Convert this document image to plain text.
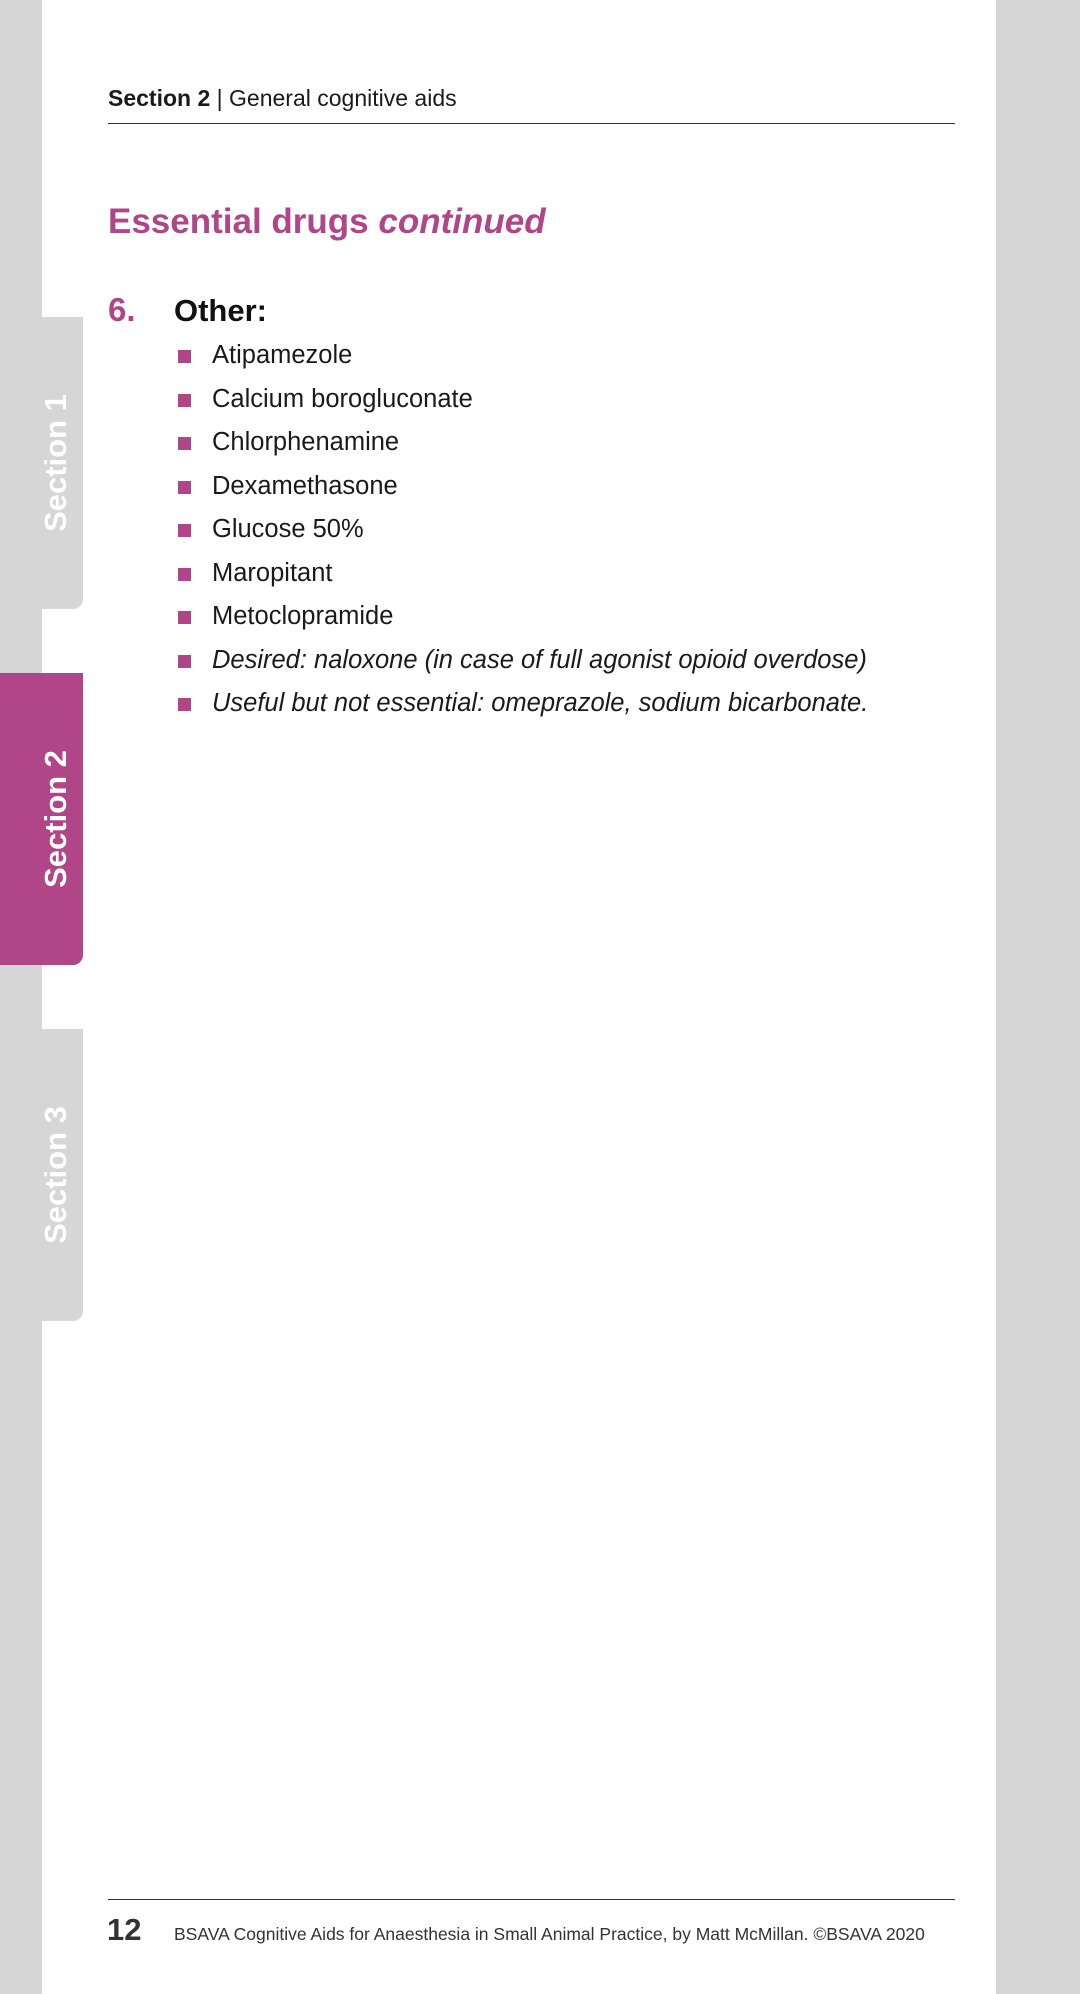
Section 1
Section 2
Section 3
Section 2 | General cognitive aids
Essential drugs continued
6. Other:
Atipamezole
Calcium borogluconate
Chlorphenamine
Dexamethasone
Glucose 50%
Maropitant
Metoclopramide
Desired: naloxone (in case of full agonist opioid overdose)
Useful but not essential: omeprazole, sodium bicarbonate.
12 BSAVA Cognitive Aids for Anaesthesia in Small Animal Practice, by Matt McMillan. ©BSAVA 2020
